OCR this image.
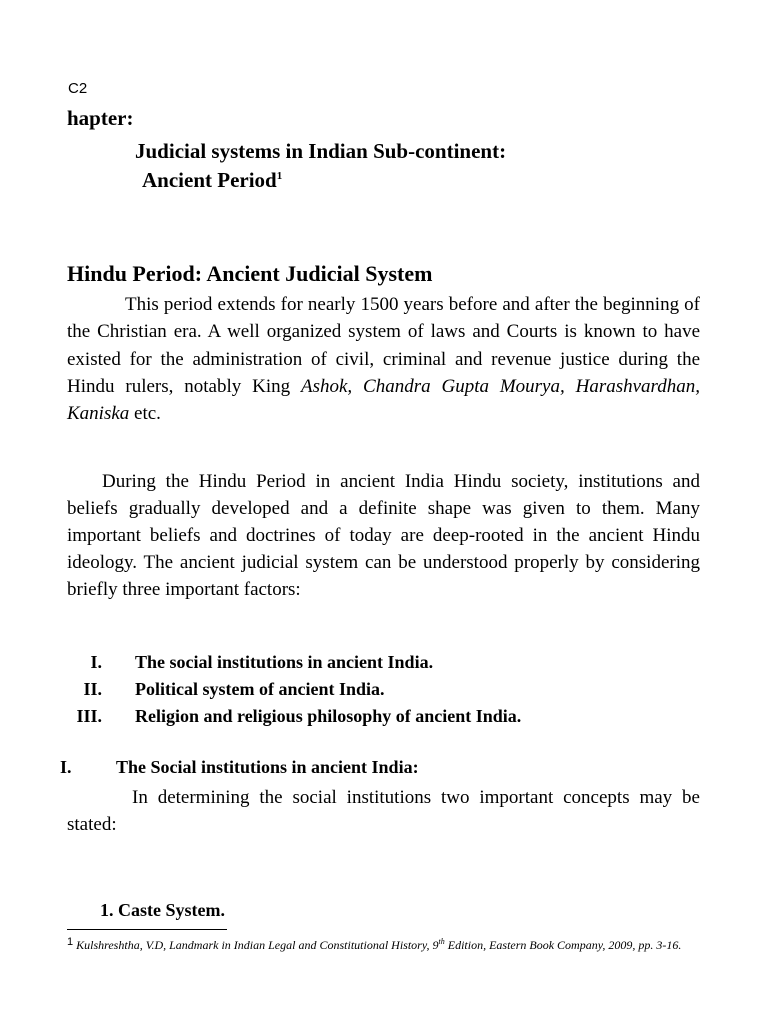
C2
hapter:
Judicial systems in Indian Sub-continent:
Ancient Period$^1$
Hindu Period: Ancient Judicial System

This period extends for nearly 1500 years before and after the beginning of the Christian era. A well organized system of laws and Courts is known to have existed for the administration of civil, criminal and revenue justice during the Hindu rulers, notably King Ashok, Chandra Gupta Mourya, Harashvardhan, Kaniska etc.

During the Hindu Period in ancient India Hindu society, institutions and beliefs gradually developed and a definite shape was given to them. Many important beliefs and doctrines of today are deep-rooted in the ancient Hindu ideology. The ancient judicial system can be understood properly by considering briefly three important factors:

I. The social institutions in ancient India.
II. Political system of ancient India.
III. Religion and religious philosophy of ancient India.
I. The Social institutions in ancient India:

In determining the social institutions two important concepts may be stated:

1. Caste System.

1 Kulshreshtha, V.D, Landmark in Indian Legal and Constitutional History, 9th Edition, Eastern Book Company, 2009, pp. 3-16.
